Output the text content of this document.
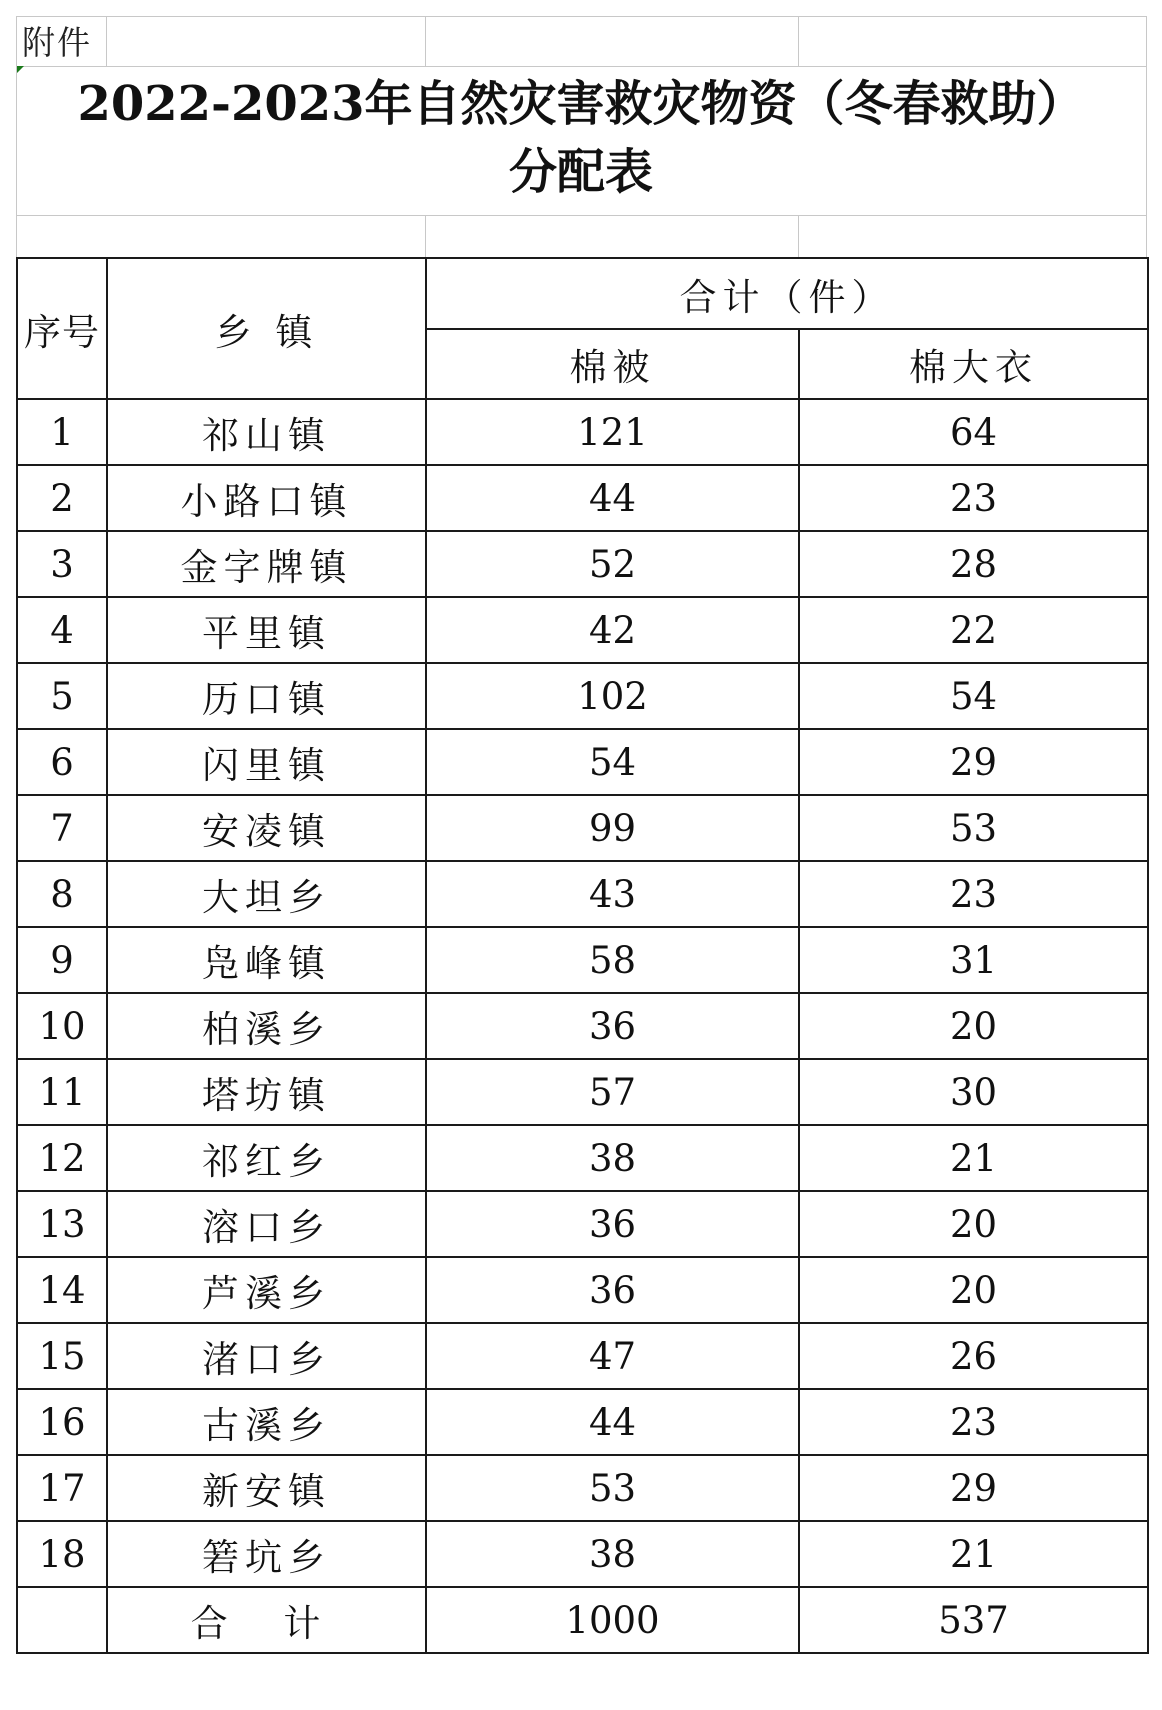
附件
2022-2023年自然灾害救灾物资（冬春救助）
分配表
序号	乡 镇	合计（件）	
		棉被	棉大衣
1	祁山镇	121	64
2	小路口镇	44	23
3	金字牌镇	52	28
4	平里镇	42	22
5	历口镇	102	54
6	闪里镇	54	29
7	安凌镇	99	53
8	大坦乡	43	23
9	凫峰镇	58	31
10	柏溪乡	36	20
11	塔坊镇	57	30
12	祁红乡	38	21
13	溶口乡	36	20
14	芦溪乡	36	20
15	渚口乡	47	26
16	古溪乡	44	23
17	新安镇	53	29
18	箬坑乡	38	21
	合 计	1000	537
